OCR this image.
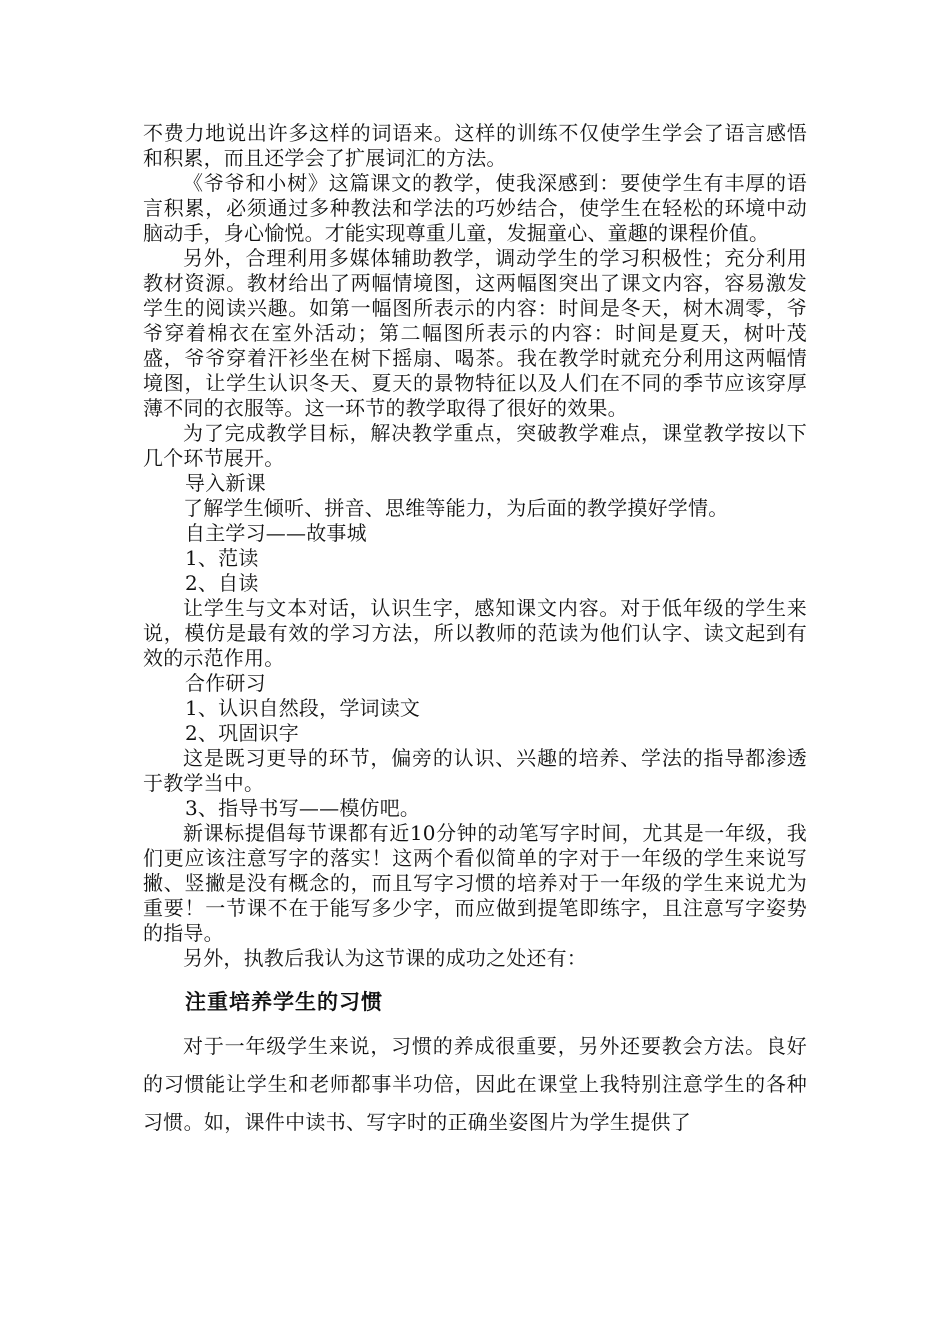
不费力地说出许多这样的词语来。这样的训练不仅使学生学会了语言感悟和积累，而且还学会了扩展词汇的方法。

《爷爷和小树》这篇课文的教学，使我深感到：要使学生有丰厚的语言积累，必须通过多种教法和学法的巧妙结合，使学生在轻松的环境中动脑动手，身心愉悦。才能实现尊重儿童，发掘童心、童趣的课程价值。

另外，合理利用多媒体辅助教学，调动学生的学习积极性；充分利用教材资源。教材给出了两幅情境图，这两幅图突出了课文内容，容易激发学生的阅读兴趣。如第一幅图所表示的内容：时间是冬天，树木凋零，爷爷穿着棉衣在室外活动；第二幅图所表示的内容：时间是夏天，树叶茂盛，爷爷穿着汗衫坐在树下摇扇、喝茶。我在教学时就充分利用这两幅情境图，让学生认识冬天、夏天的景物特征以及人们在不同的季节应该穿厚薄不同的衣服等。这一环节的教学取得了很好的效果。

为了完成教学目标，解决教学重点，突破教学难点，课堂教学按以下几个环节展开。

导入新课

了解学生倾听、拼音、思维等能力，为后面的教学摸好学情。

自主学习——故事城

1、范读

2、自读

让学生与文本对话，认识生字，感知课文内容。对于低年级的学生来说，模仿是最有效的学习方法，所以教师的范读为他们认字、读文起到有效的示范作用。

合作研习

1、认识自然段，学词读文

2、巩固识字

这是既习更导的环节，偏旁的认识、兴趣的培养、学法的指导都渗透于教学当中。

3、指导书写——模仿吧。

新课标提倡每节课都有近10分钟的动笔写字时间，尤其是一年级，我们更应该注意写字的落实！这两个看似简单的字对于一年级的学生来说写撇、竖撇是没有概念的，而且写字习惯的培养对于一年级的学生来说尤为重要！一节课不在于能写多少字，而应做到提笔即练字，且注意写字姿势的指导。

另外，执教后我认为这节课的成功之处还有：

注重培养学生的习惯

对于一年级学生来说，习惯的养成很重要，另外还要教会方法。良好的习惯能让学生和老师都事半功倍，因此在课堂上我特别注意学生的各种习惯。如，课件中读书、写字时的正确坐姿图片为学生提供了
